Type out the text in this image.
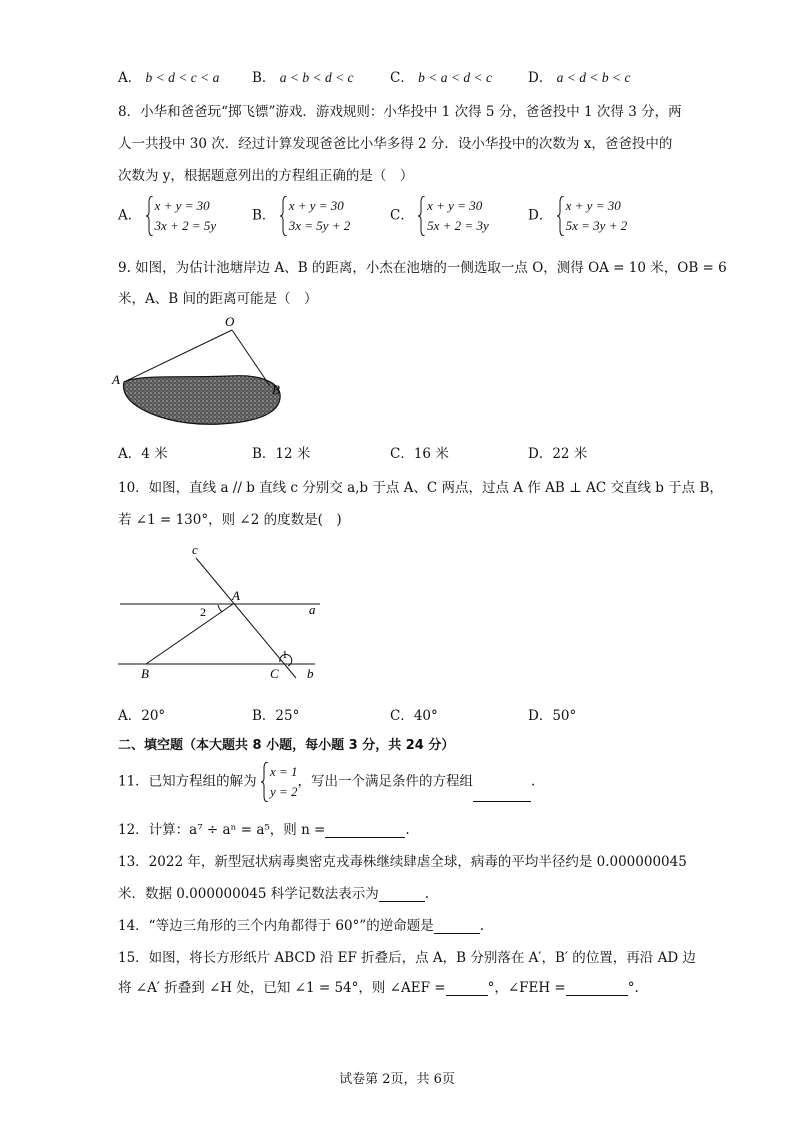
A． b < d < c < a B． a < b < d < c	C． b < a < d < c	D． a < d < b < c
8．小华和爸爸玩“掷飞镖”游戏．游戏规则：小华投中 1 次得 5 分，爸爸投中 1 次得 3 分，两
人一共投中 30 次．经过计算发现爸爸比小华多得 2 分．设小华投中的次数为 x，爸爸投中的
次数为 y，根据题意列出的方程组正确的是（　）
A．
x + y = 30
3x + 2 = 5y
B．
x + y = 30
3x = 5y + 2
C．
x + y = 30
5x + 2 = 3y
D．
x + y = 30
5x = 3y + 2
9. 如图，为估计池塘岸边 A、B 的距离，小杰在池塘的一侧选取一点 O，测得 OA = 10 米，OB = 6
米，A、B 间的距离可能是（　）
O
A
B
A．4 米	B．12 米	C．16 米	D．22 米
10．如图，直线 a // b 直线 c 分别交 a,b 于点 A、C 两点，过点 A 作 AB ⊥ AC 交直线 b 于点 B，
若 ∠1 = 130°，则 ∠2 的度数是(　)
c
A
a
2
1
B	C b
A．20°	B．25°	C．40°	D．50°
二、填空题（本大题共 8 小题，每小题 3 分，共 24 分）
11．已知方程组的解为
x = 1
y = 2
，写出一个满足条件的方程组	.
12．计算：a⁷ ÷ aⁿ = a⁵，则 n =	.
13．2022 年，新型冠状病毒奥密克戎毒株继续肆虐全球，病毒的平均半径约是 0.000000045
米．数据 0.000000045 科学记数法表示为	.
14．“等边三角形的三个内角都得于 60°”的逆命题是	.
15．如图，将长方形纸片 ABCD 沿 EF 折叠后，点 A，B 分别落在 A′，B′ 的位置，再沿 AD 边
将 ∠A′ 折叠到 ∠H 处，已知 ∠1 = 54°，则 ∠AEF =	°，∠FEH =	°.
试卷第 2页，共 6页
